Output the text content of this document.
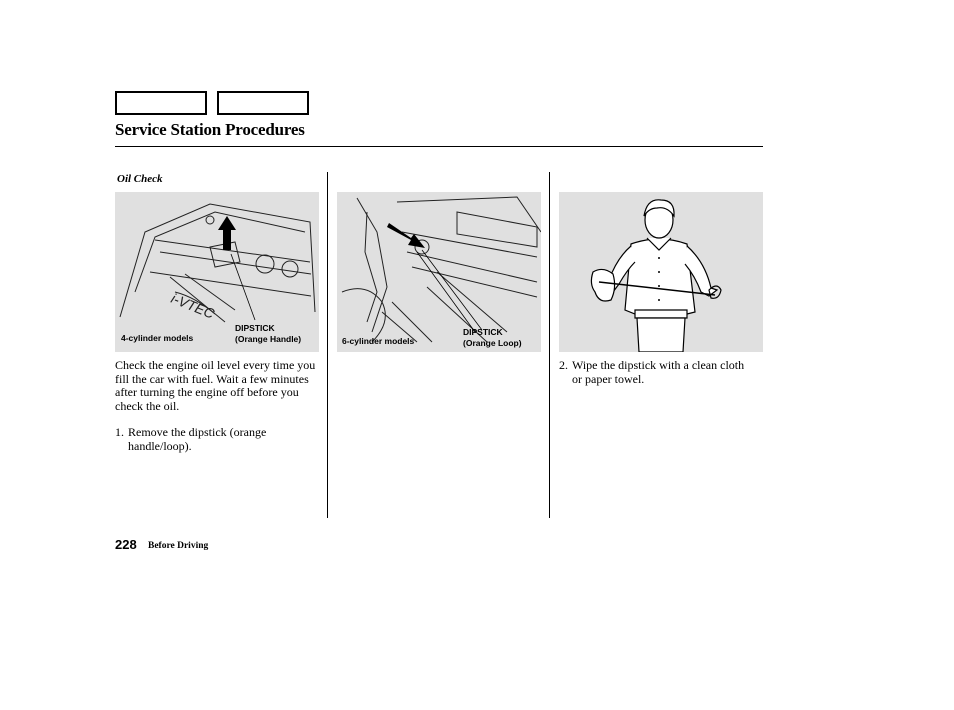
Service Station Procedures
Oil Check
i-VTEC
4-cylinder models
DIPSTICK
(Orange Handle)	6-cylinder models
DIPSTICK
(Orange Loop)
Check the engine oil level every time you fill the car with fuel. Wait a few minutes after turning the engine off before you check the oil.
1. Remove the dipstick (orange handle/loop).
2. Wipe the dipstick with a clean cloth or paper towel.
228 Before Driving
